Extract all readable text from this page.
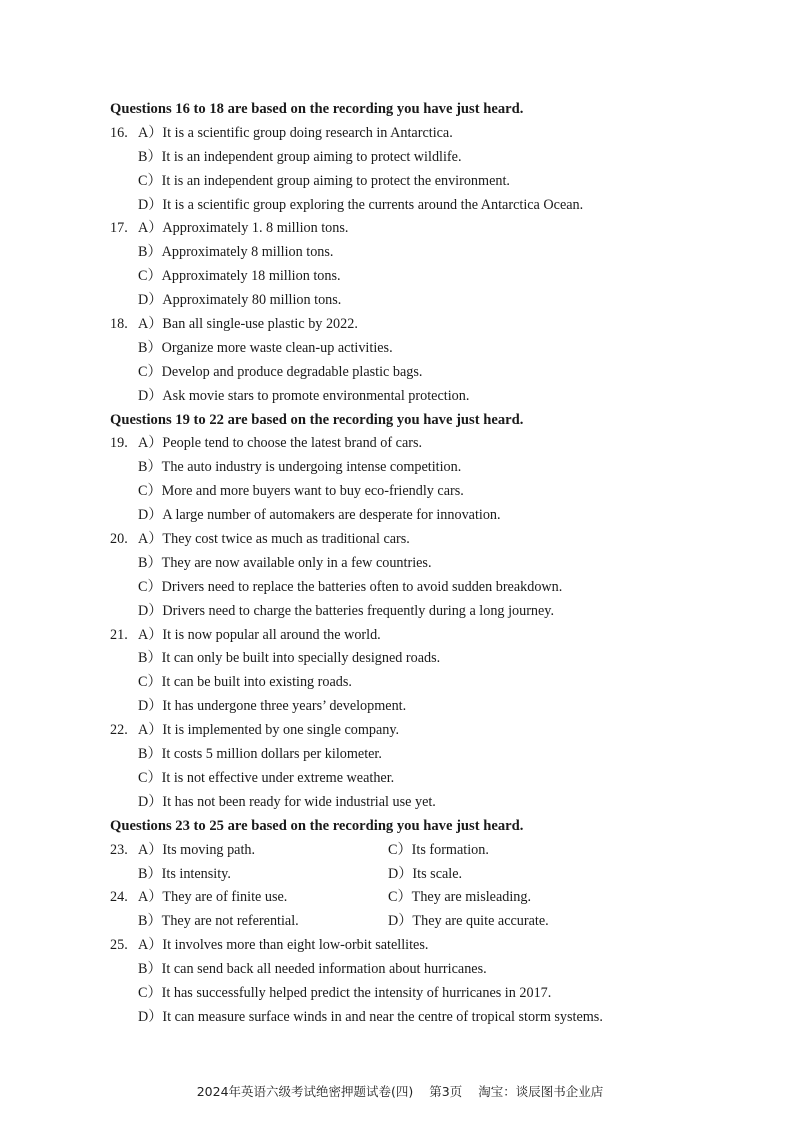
Questions 16 to 18 are based on the recording you have just heard.
16. A）It is a scientific group doing research in Antarctica.
B）It is an independent group aiming to protect wildlife.
C）It is an independent group aiming to protect the environment.
D）It is a scientific group exploring the currents around the Antarctica Ocean.
17. A）Approximately 1. 8 million tons.
B）Approximately 8 million tons.
C）Approximately 18 million tons.
D）Approximately 80 million tons.
18. A）Ban all single-use plastic by 2022.
B）Organize more waste clean-up activities.
C）Develop and produce degradable plastic bags.
D）Ask movie stars to promote environmental protection.
Questions 19 to 22 are based on the recording you have just heard.
19. A）People tend to choose the latest brand of cars.
B）The auto industry is undergoing intense competition.
C）More and more buyers want to buy eco-friendly cars.
D）A large number of automakers are desperate for innovation.
20. A）They cost twice as much as traditional cars.
B）They are now available only in a few countries.
C）Drivers need to replace the batteries often to avoid sudden breakdown.
D）Drivers need to charge the batteries frequently during a long journey.
21. A）It is now popular all around the world.
B）It can only be built into specially designed roads.
C）It can be built into existing roads.
D）It has undergone three years’ development.
22. A）It is implemented by one single company.
B）It costs 5 million dollars per kilometer.
C）It is not effective under extreme weather.
D）It has not been ready for wide industrial use yet.
Questions 23 to 25 are based on the recording you have just heard.
23. A）Its moving path.	C）Its formation.
B）Its intensity.	D）Its scale.
24. A）They are of finite use.	C）They are misleading.
B）They are not referential.	D）They are quite accurate.
25. A）It involves more than eight low-orbit satellites.
B）It can send back all needed information about hurricanes.
C）It has successfully helped predict the intensity of hurricanes in 2017.
D）It can measure surface winds in and near the centre of tropical storm systems.
2024年英语六级考试绝密押题试卷(四) 第3页 淘宝：谈辰图书企业店
